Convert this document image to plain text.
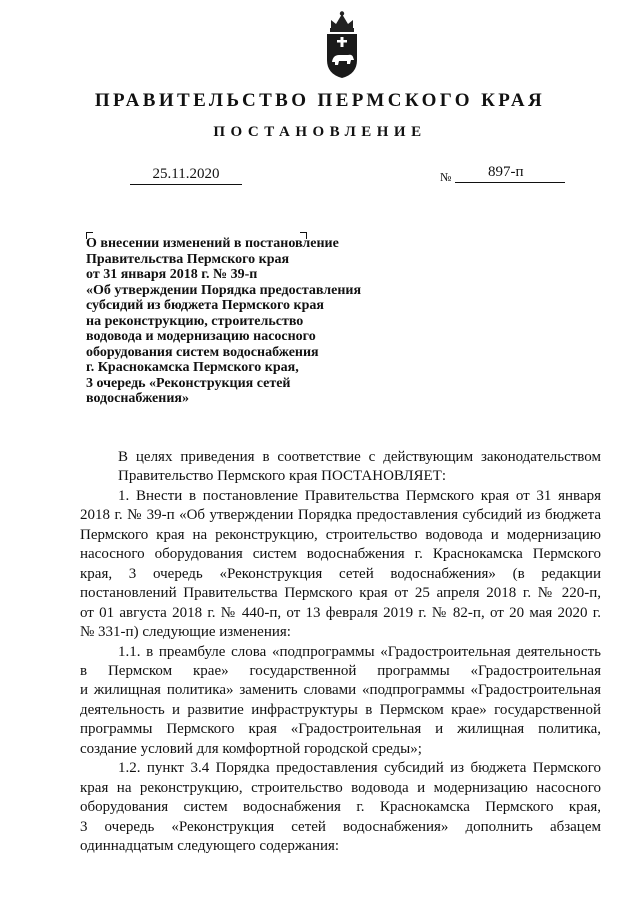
ПРАВИТЕЛЬСТВО ПЕРМСКОГО КРАЯ
ПОСТАНОВЛЕНИЕ
25.11.2020	№ 897-п
О внесении изменений в постановление
Правительства Пермского края
от 31 января 2018 г. № 39-п
«Об утверждении Порядка предоставления
субсидий из бюджета Пермского края
на реконструкцию, строительство
водовода и модернизацию насосного
оборудования систем водоснабжения
г. Краснокамска Пермского края,
3 очередь «Реконструкция сетей
водоснабжения»

В целях приведения в соответствие с действующим законодательством

Правительство Пермского края ПОСТАНОВЛЯЕТ:

1. Внести в постановление Правительства Пермского края от 31 января

2018 г. № 39-п «Об утверждении Порядка предоставления субсидий из бюджета

Пермского края на реконструкцию, строительство водовода и модернизацию

насосного оборудования систем водоснабжения г. Краснокамска Пермского

края, 3 очередь «Реконструкция сетей водоснабжения» (в редакции

постановлений Правительства Пермского края от 25 апреля 2018 г. № 220-п,

от 01 августа 2018 г. № 440-п, от 13 февраля 2019 г. № 82-п, от 20 мая 2020 г.

№ 331-п) следующие изменения:

1.1. в преамбуле слова «подпрограммы «Градостроительная деятельность

в Пермском крае» государственной программы «Градостроительная

и жилищная политика» заменить словами «подпрограммы «Градостроительная

деятельность и развитие инфраструктуры в Пермском крае» государственной

программы Пермского края «Градостроительная и жилищная политика,

создание условий для комфортной городской среды»;

1.2. пункт 3.4 Порядка предоставления субсидий из бюджета Пермского

края на реконструкцию, строительство водовода и модернизацию насосного

оборудования систем водоснабжения г. Краснокамска Пермского края,

3 очередь «Реконструкция сетей водоснабжения» дополнить абзацем

одиннадцатым следующего содержания:
